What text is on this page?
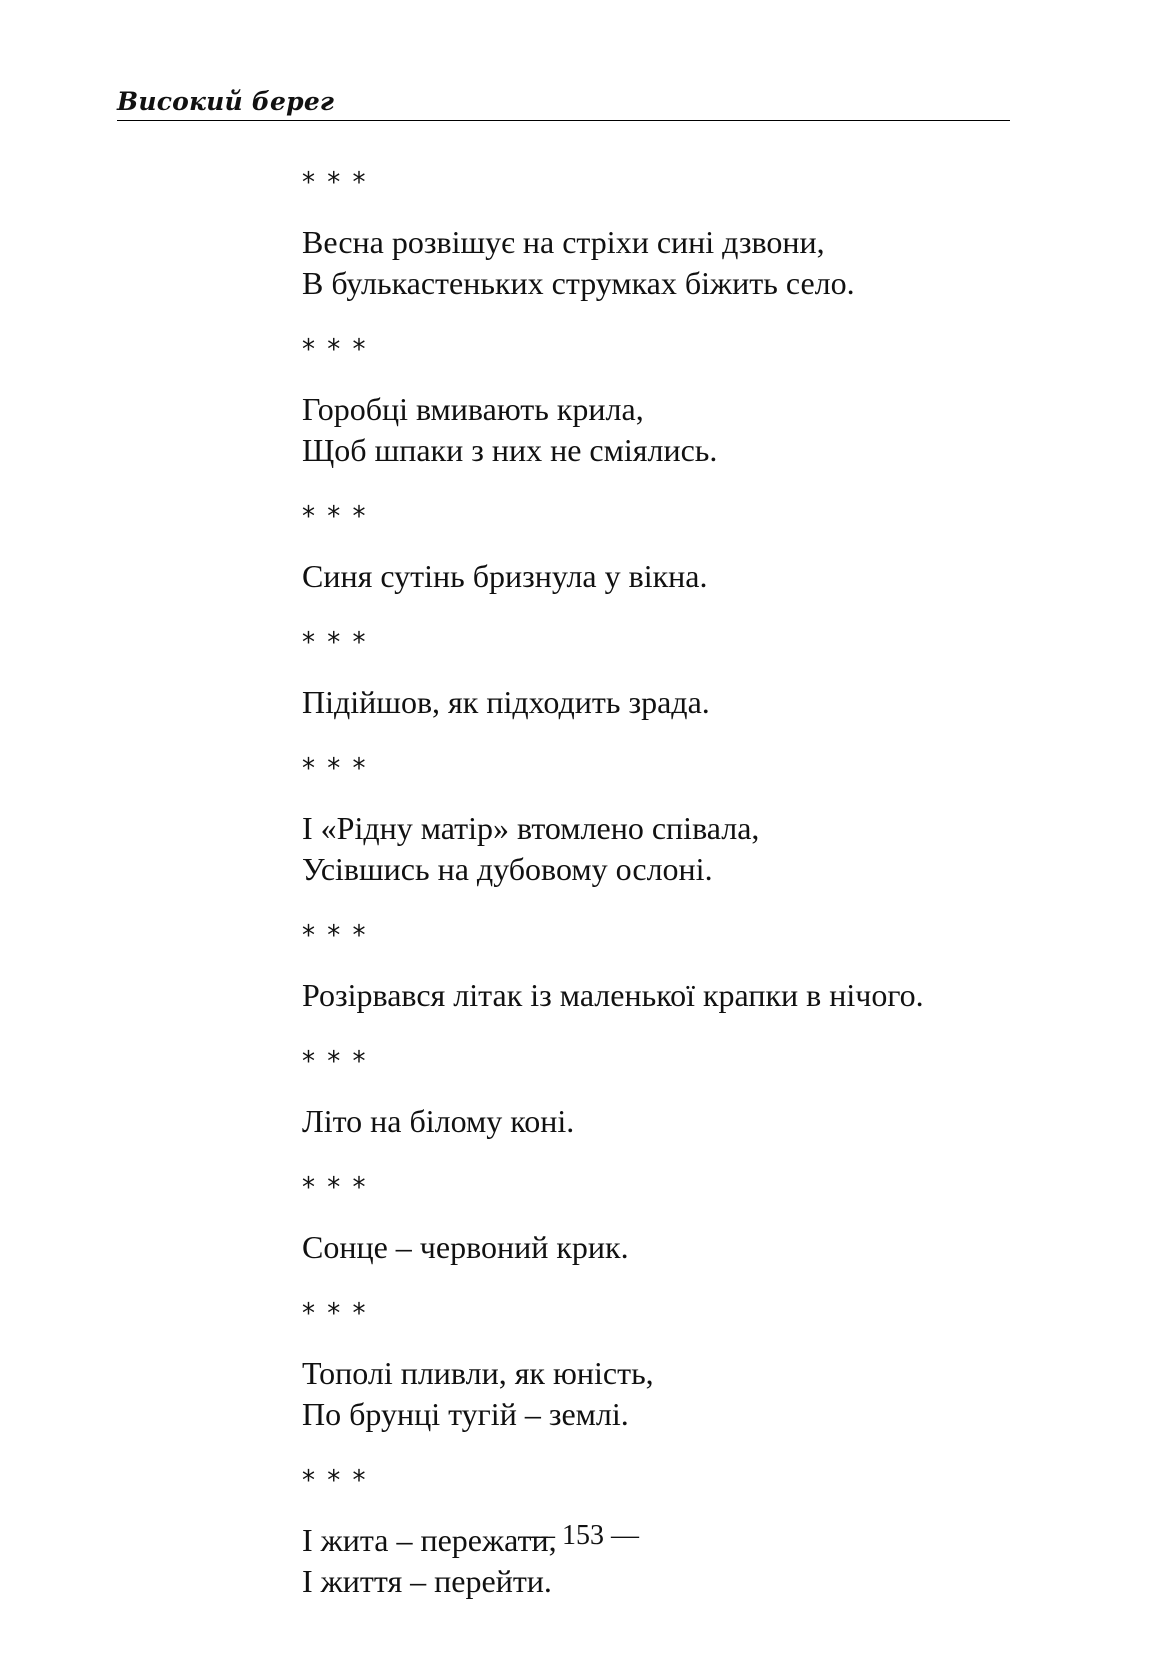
Високий берег
* * *
Весна розвішує на стріхи сині дзвони,
В булькастеньких струмках біжить село.
* * *
Горобці вмивають крила,
Щоб шпаки з них не сміялись.
* * *
Синя сутінь бризнула у вікна.
* * *
Підійшов, як підходить зрада.
* * *
І «Рідну матір» втомлено співала,
Усівшись на дубовому ослоні.
* * *
Розірвався літак із маленької крапки в нічого.
* * *
Літо на білому коні.
* * *
Сонце – червоний крик.
* * *
Тополі пливли, як юність,
По брунці тугій – землі.
* * *
І жита – пережати,
І життя – перейти.
— 153 —
